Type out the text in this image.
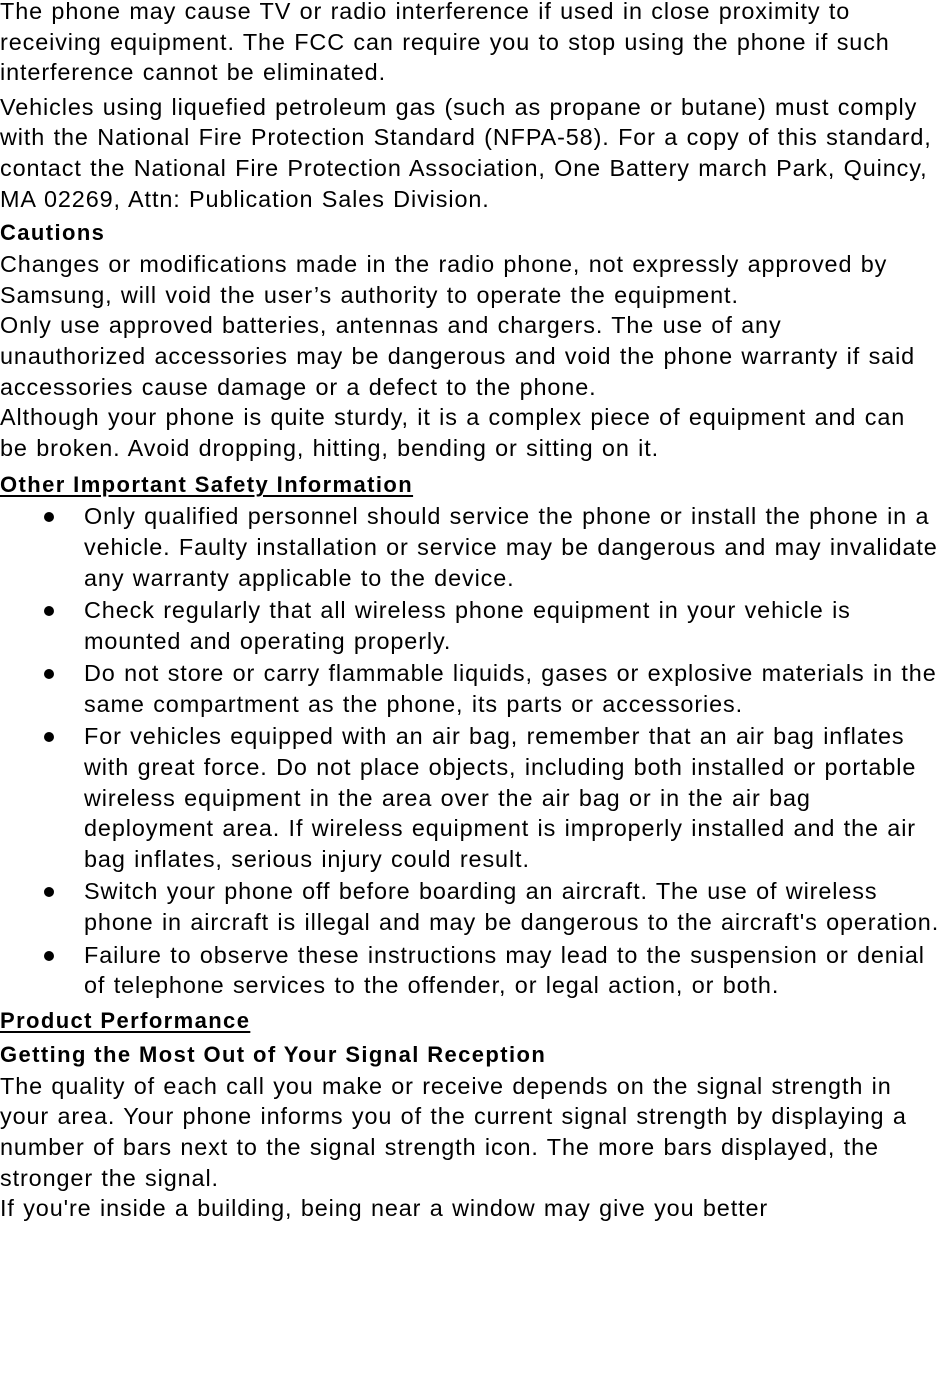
The phone may cause TV or radio interference if used in close proximity to receiving equipment. The FCC can require you to stop using the phone if such interference cannot be eliminated.

Vehicles using liquefied petroleum gas (such as propane or butane) must comply with the National Fire Protection Standard (NFPA-58). For a copy of this standard, contact the National Fire Protection Association, One Battery march Park, Quincy, MA 02269, Attn: Publication Sales Division.

Cautions

Changes or modifications made in the radio phone, not expressly approved by Samsung, will void the user’s authority to operate the equipment.

Only use approved batteries, antennas and chargers. The use of any unauthorized accessories may be dangerous and void the phone warranty if said accessories cause damage or a defect to the phone.

Although your phone is quite sturdy, it is a complex piece of equipment and can be broken. Avoid dropping, hitting, bending or sitting on it.

Other Important Safety Information
Only qualified personnel should service the phone or install the phone in a vehicle. Faulty installation or service may be dangerous and may invalidate any warranty applicable to the device.
Check regularly that all wireless phone equipment in your vehicle is mounted and operating properly.
Do not store or carry flammable liquids, gases or explosive materials in the same compartment as the phone, its parts or accessories.
For vehicles equipped with an air bag, remember that an air bag inflates with great force. Do not place objects, including both installed or portable wireless equipment in the area over the air bag or in the air bag deployment area. If wireless equipment is improperly installed and the air bag inflates, serious injury could result.
Switch your phone off before boarding an aircraft. The use of wireless phone in aircraft is illegal and may be dangerous to the aircraft's operation.
Failure to observe these instructions may lead to the suspension or denial of telephone services to the offender, or legal action, or both.
Product Performance
Getting the Most Out of Your Signal Reception

The quality of each call you make or receive depends on the signal strength in your area. Your phone informs you of the current signal strength by displaying a number of bars next to the signal strength icon. The more bars displayed, the stronger the signal.

If you're inside a building, being near a window may give you better
